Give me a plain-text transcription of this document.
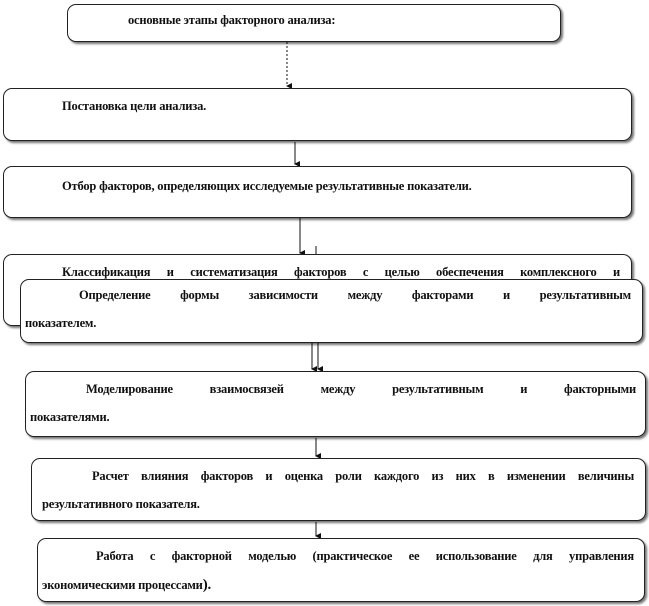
основные этапы факторного анализа:
Постановка цели анализа.
Отбор факторов, определяющих исследуемые результативные показатели.
Классификация и систематизация факторов с целью обеспечения комплексного и
Определение формы зависимости между факторами и результативным
показателем.
Моделирование взаимосвязей между результативным и факторными
показателями.
Расчет влияния факторов и оценка роли каждого из них в изменении величины
результативного показателя.
Работа с факторной моделью (практическое ее использование для управления
экономическими процессами).
